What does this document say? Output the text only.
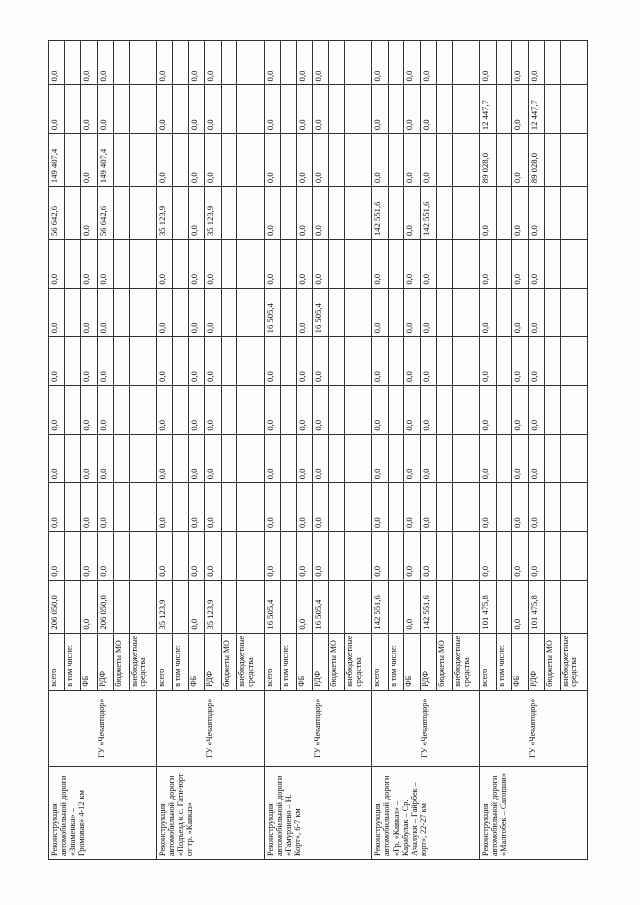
Реконструкция автомобильной дороги «Знаменка» – Громовая» 4-12 км	ГУ «Чечавтодор»	всего	206 050,0	0,0	0,0	0,0	0,0	0,0	0,0	0,0	56 642,6	149 407,4	0,0	0,0
		в том числе:												
		ФБ	0,0	0,0	0,0	0,0	0,0	0,0	0,0	0,0	0,0	0,0	0,0	0,0
		РДФ	206 050,0	0,0	0,0	0,0	0,0	0,0	0,0	0,0	56 642,6	149 407,4	0,0	0,0
		бюджеты МО												
		внебюджетные средства												
Реконструкция автомобильной дороги «Подъезд к с. Гати-юрт от тр. «Кавказ»	ГУ «Чечавтодор»	всего	35 123,9	0,0	0,0	0,0	0,0	0,0	0,0	0,0	35 123,9	0,0	0,0	0,0
		в том числе:												
		ФБ	0,0	0,0	0,0	0,0	0,0	0,0	0,0	0,0	0,0	0,0	0,0	0,0
		РДФ	35 123,9	0,0	0,0	0,0	0,0	0,0	0,0	0,0	35 123,9	0,0	0,0	0,0
		бюджеты МО												
		внебюджетные средства												
Реконструкция автомобильной дороги «Гамурзиево – Н. Корт», 6-7 км	ГУ «Чечавтодор»	всего	16 505,4	0,0	0,0	0,0	0,0	0,0	16 505,4	0,0	0,0	0,0	0,0	0,0
		в том числе:												
		ФБ	0,0	0,0	0,0	0,0	0,0	0,0	0,0	0,0	0,0	0,0	0,0	0,0
		РДФ	16 505,4	0,0	0,0	0,0	0,0	0,0	16 505,4	0,0	0,0	0,0	0,0	0,0
		бюджеты МО												
		внебюджетные средства												
Реконструкция автомобильной дороги «Гр. «Кавказ» – Карабулак – Ср. Ачалуки – Гайрбек – юрт», 22-27 км	ГУ «Чечавтодор»	всего	142 551,6	0,0	0,0	0,0	0,0	0,0	0,0	0,0	142 551,6	0,0	0,0	0,0
		в том числе:												
		ФБ	0,0	0,0	0,0	0,0	0,0	0,0	0,0	0,0	0,0	0,0	0,0	0,0
		РДФ	142 551,6	0,0	0,0	0,0	0,0	0,0	0,0	0,0	142 551,6	0,0	0,0	0,0
		бюджеты МО												
		внебюджетные средства												
Реконструкция автомобильной дороги «Малгобек – Сагопши»	ГУ «Чечавтодор»	всего	101 475,8	0,0	0,0	0,0	0,0	0,0	0,0	0,0	0,0	89 028,0	12 447,7	0,0
		в том числе:												
		ФБ	0,0	0,0	0,0	0,0	0,0	0,0	0,0	0,0	0,0	0,0	0,0	0,0
		РДФ	101 475,8	0,0	0,0	0,0	0,0	0,0	0,0	0,0	0,0	89 028,0	12 447,7	0,0
		бюджеты МО												
		внебюджетные средства												
